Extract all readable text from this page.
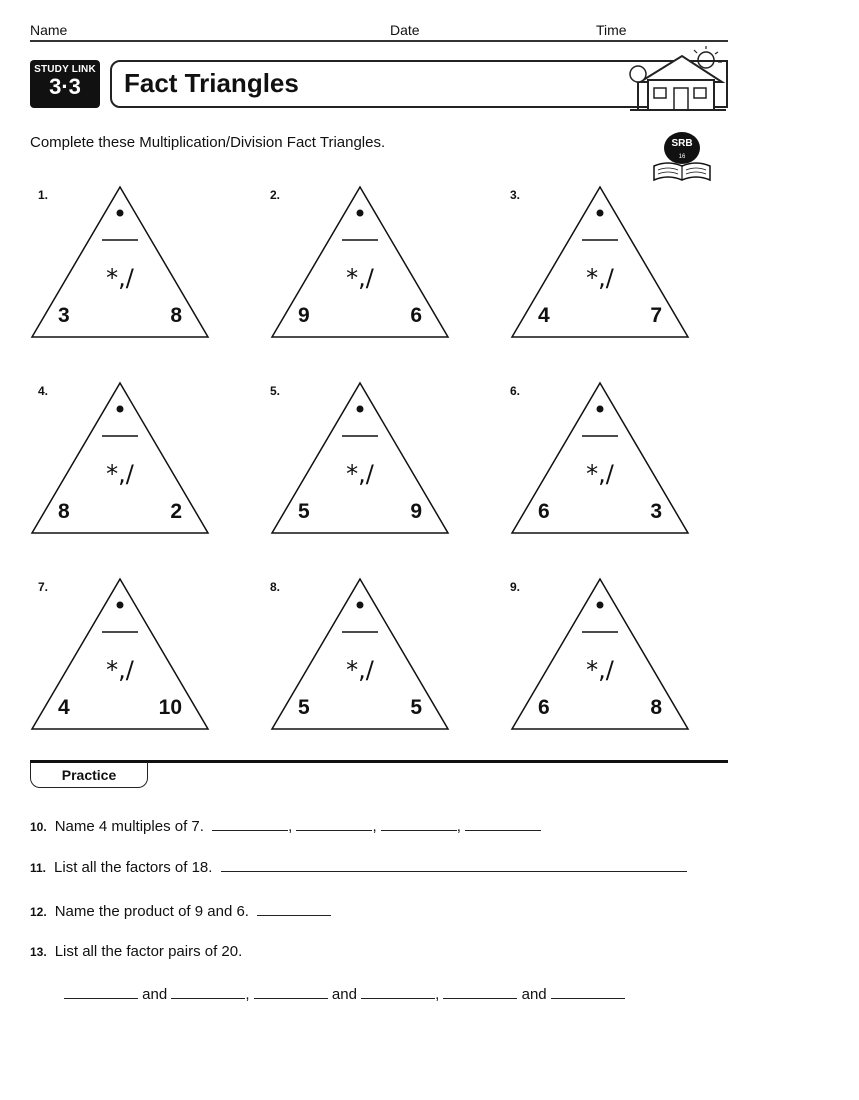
Name	Date	Time
STUDY LINK
3·3	Fact Triangles
Complete these Multiplication/Division Fact Triangles.	SRB
16
1.
*,/
3	8
2.
*,/
9	6
3.
*,/
4	7
4.
*,/
8	2
5.
*,/
5	9
6.
*,/
6	3
7.
*,/
4	10
8.
*,/
5	5
9.
*,/
6	8
Practice
10. Name 4 multiples of 7.	,	,	,
11. List all the factors of 18.
12. Name the product of 9 and 6.
13. List all the factor pairs of 20.
and	,	and	,	and
